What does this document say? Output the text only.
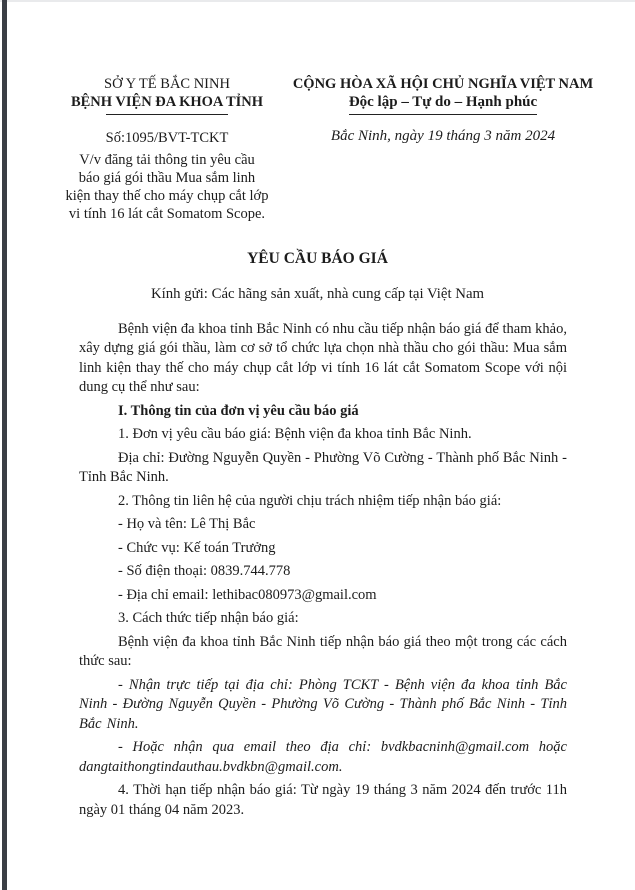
SỞ Y TẾ BẮC NINH
BỆNH VIỆN ĐA KHOA TỈNH
Số:1095/BVT-TCKT
V/v đăng tải thông tin yêu cầu
báo giá gói thầu Mua sắm linh
kiện thay thế cho máy chụp cắt lớp
vi tính 16 lát cắt Somatom Scope.
CỘNG HÒA XÃ HỘI CHỦ NGHĨA VIỆT NAM
Độc lập – Tự do – Hạnh phúc
Bắc Ninh, ngày 19 tháng 3 năm 2024
YÊU CẦU BÁO GIÁ
Kính gửi: Các hãng sản xuất, nhà cung cấp tại Việt Nam

Bệnh viện đa khoa tỉnh Bắc Ninh có nhu cầu tiếp nhận báo giá để tham khảo, xây dựng giá gói thầu, làm cơ sở tổ chức lựa chọn nhà thầu cho gói thầu: Mua sắm linh kiện thay thế cho máy chụp cắt lớp vi tính 16 lát cắt Somatom Scope với nội dung cụ thể như sau:

I. Thông tin của đơn vị yêu cầu báo giá

1. Đơn vị yêu cầu báo giá: Bệnh viện đa khoa tỉnh Bắc Ninh.

Địa chỉ: Đường Nguyễn Quyền - Phường Võ Cường - Thành phố Bắc Ninh - Tỉnh Bắc Ninh.

2. Thông tin liên hệ của người chịu trách nhiệm tiếp nhận báo giá:

- Họ và tên: Lê Thị Bắc

- Chức vụ: Kế toán Trưởng

- Số điện thoại: 0839.744.778

- Địa chỉ email: lethibac080973@gmail.com

3. Cách thức tiếp nhận báo giá:

Bệnh viện đa khoa tỉnh Bắc Ninh tiếp nhận báo giá theo một trong các cách thức sau:

- Nhận trực tiếp tại địa chỉ: Phòng TCKT - Bệnh viện đa khoa tỉnh Bắc Ninh - Đường Nguyễn Quyền - Phường Võ Cường - Thành phố Bắc Ninh - Tỉnh Bắc Ninh.

- Hoặc nhận qua email theo địa chỉ: bvdkbacninh@gmail.com hoặc dangtaithongtindauthau.bvdkbn@gmail.com.

4. Thời hạn tiếp nhận báo giá: Từ ngày 19 tháng 3 năm 2024 đến trước 11h ngày 01 tháng 04 năm 2023.
